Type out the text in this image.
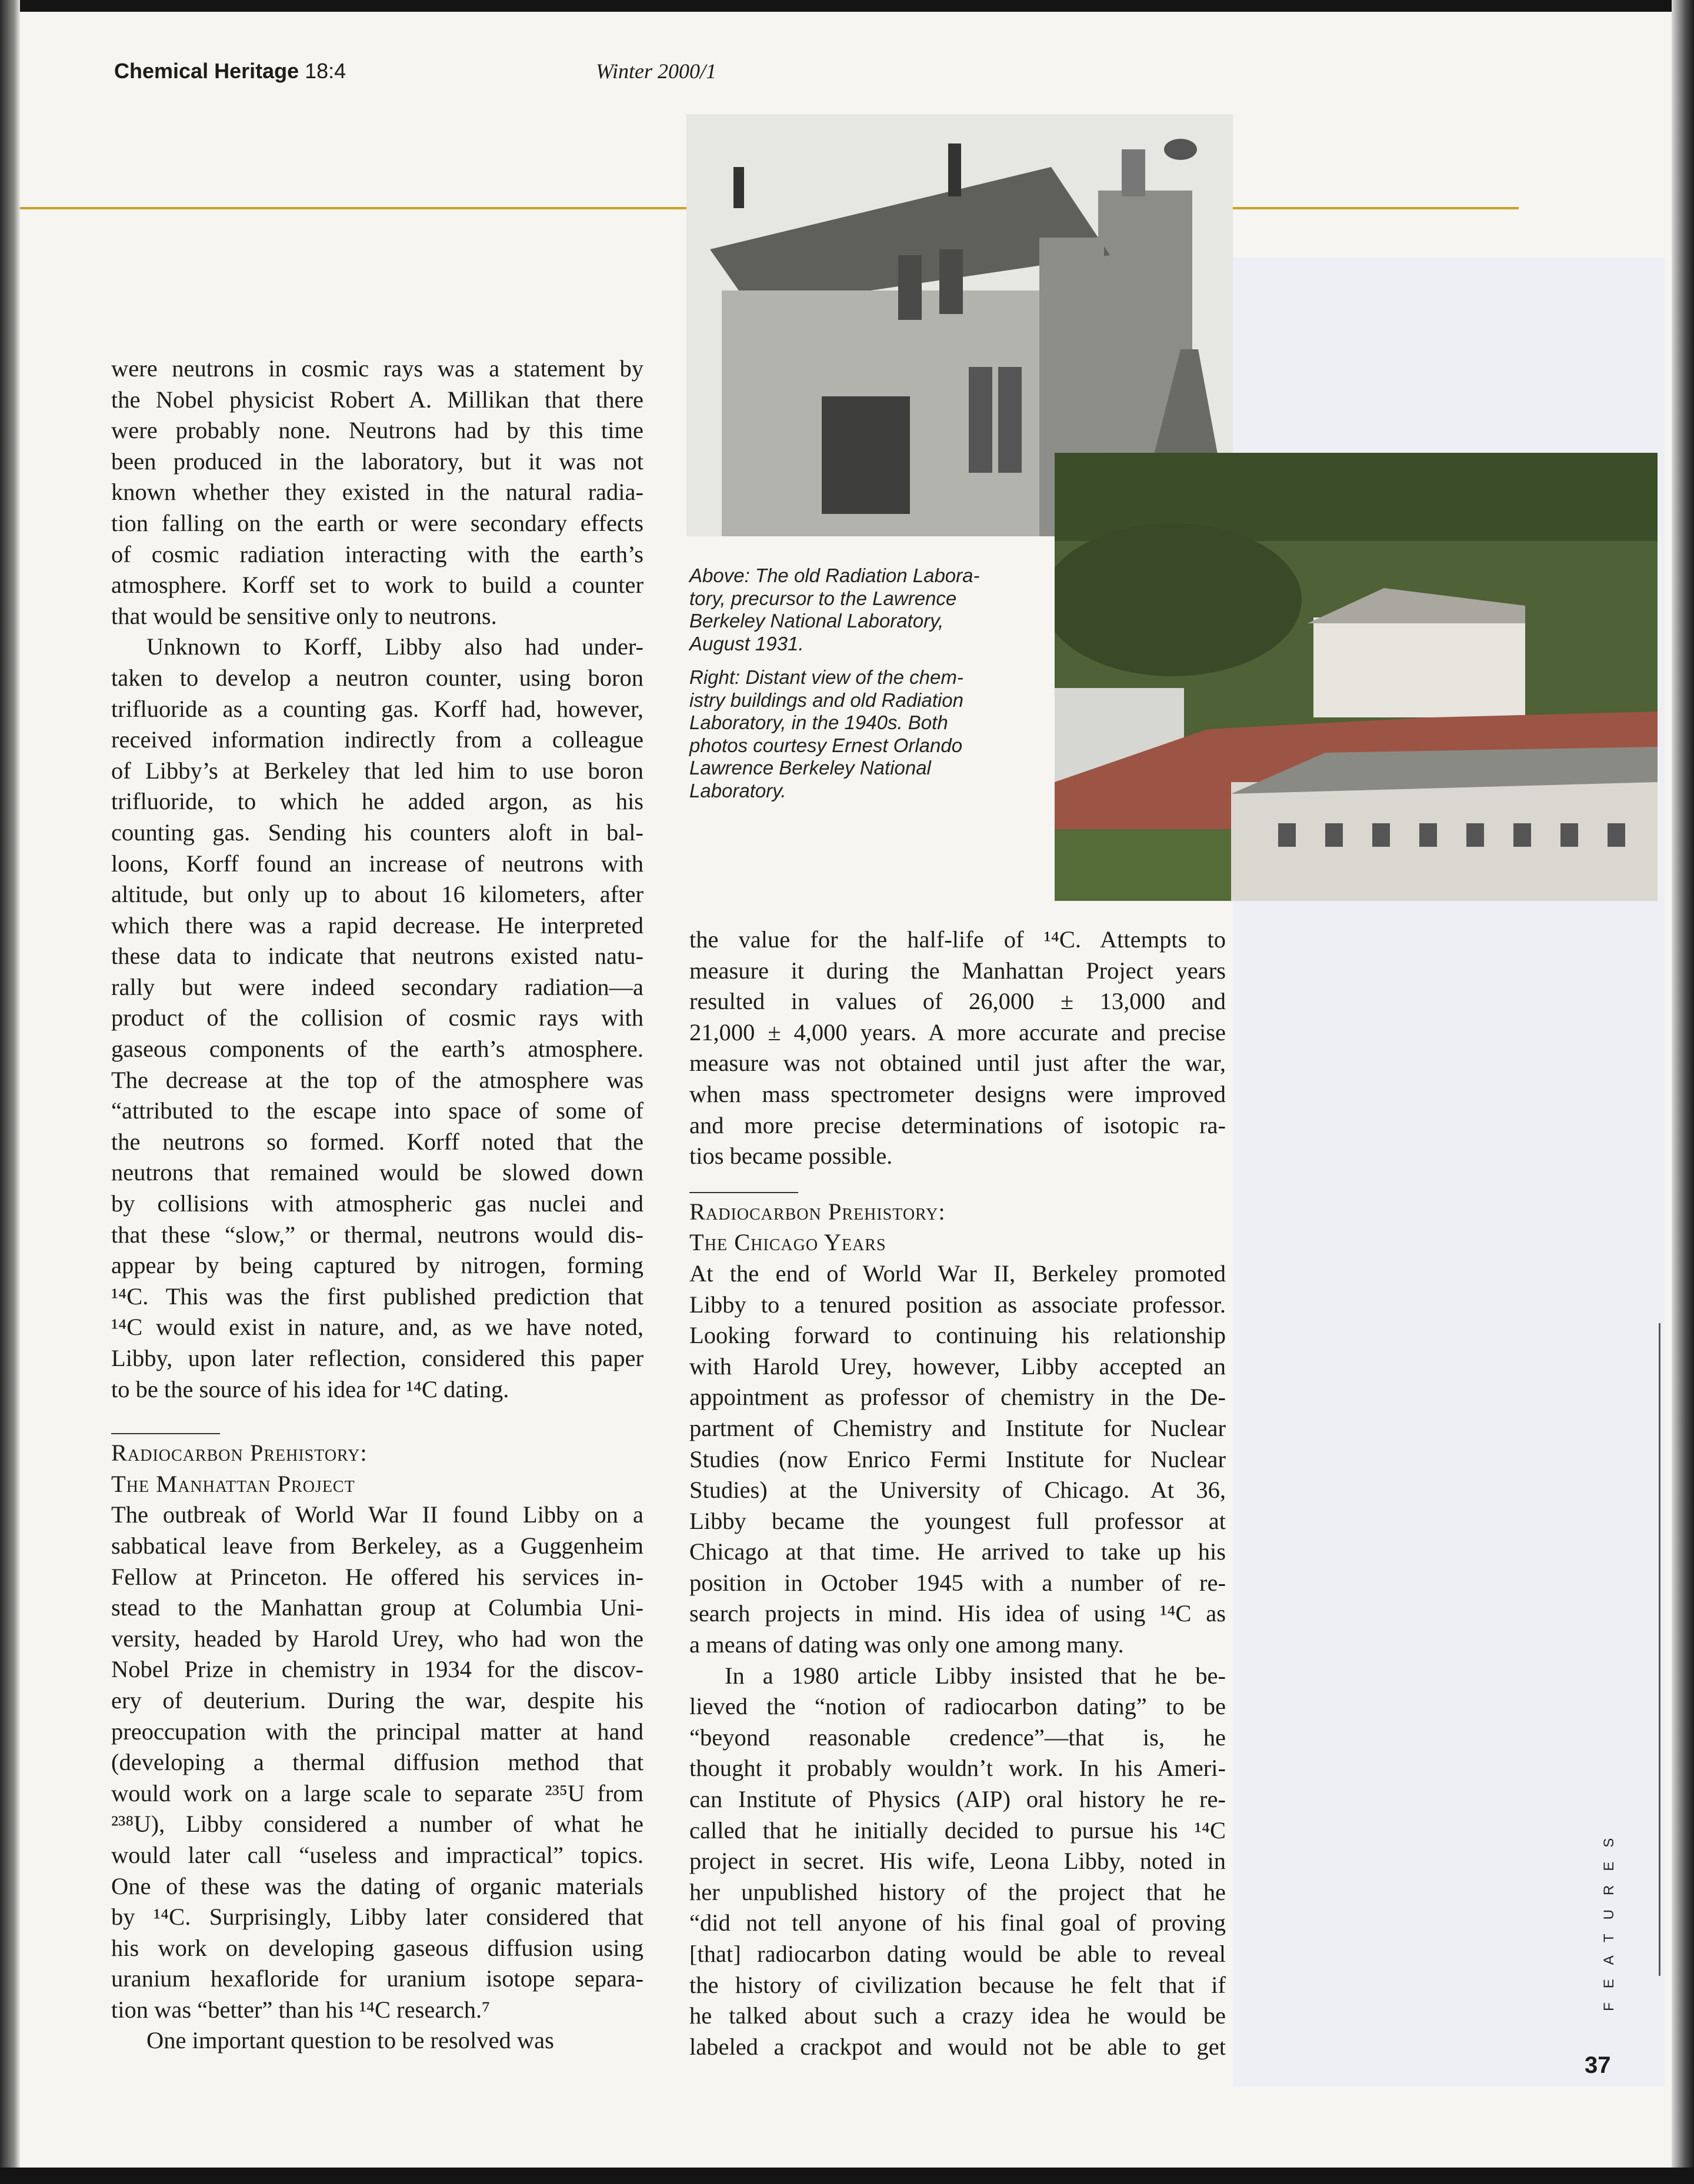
Chemical Heritage 18:4	Winter 2000/1

Above: The old Radiation Labora-
tory, precursor to the Lawrence
Berkeley National Laboratory,
August 1931.

Right: Distant view of the chem-
istry buildings and old Radiation
Laboratory, in the 1940s. Both
photos courtesy Ernest Orlando
Lawrence Berkeley National
Laboratory.

were neutrons in cosmic rays was a statement by
the Nobel physicist Robert A. Millikan that there
were probably none. Neutrons had by this time
been produced in the laboratory, but it was not
known whether they existed in the natural radia-
tion falling on the earth or were secondary effects
of cosmic radiation interacting with the earth’s
atmosphere. Korff set to work to build a counter
that would be sensitive only to neutrons.
Unknown to Korff, Libby also had under-
taken to develop a neutron counter, using boron
trifluoride as a counting gas. Korff had, however,
received information indirectly from a colleague
of Libby’s at Berkeley that led him to use boron
trifluoride, to which he added argon, as his
counting gas. Sending his counters aloft in bal-
loons, Korff found an increase of neutrons with
altitude, but only up to about 16 kilometers, after
which there was a rapid decrease. He interpreted
these data to indicate that neutrons existed natu-
rally but were indeed secondary radiation—a
product of the collision of cosmic rays with
gaseous components of the earth’s atmosphere.
The decrease at the top of the atmosphere was
“attributed to the escape into space of some of
the neutrons so formed. Korff noted that the
neutrons that remained would be slowed down
by collisions with atmospheric gas nuclei and
that these “slow,” or thermal, neutrons would dis-
appear by being captured by nitrogen, forming
¹⁴C. This was the first published prediction that
¹⁴C would exist in nature, and, as we have noted,
Libby, upon later reflection, considered this paper
to be the source of his idea for ¹⁴C dating.
Radiocarbon Prehistory:
The Manhattan Project
The outbreak of World War II found Libby on a
sabbatical leave from Berkeley, as a Guggenheim
Fellow at Princeton. He offered his services in-
stead to the Manhattan group at Columbia Uni-
versity, headed by Harold Urey, who had won the
Nobel Prize in chemistry in 1934 for the discov-
ery of deuterium. During the war, despite his
preoccupation with the principal matter at hand
(developing a thermal diffusion method that
would work on a large scale to separate ²³⁵U from
²³⁸U), Libby considered a number of what he
would later call “useless and impractical” topics.
One of these was the dating of organic materials
by ¹⁴C. Surprisingly, Libby later considered that
his work on developing gaseous diffusion using
uranium hexafloride for uranium isotope separa-
tion was “better” than his ¹⁴C research.⁷
One important question to be resolved was
the value for the half-life of ¹⁴C. Attempts to
measure it during the Manhattan Project years
resulted in values of 26,000 ± 13,000 and
21,000 ± 4,000 years. A more accurate and precise
measure was not obtained until just after the war,
when mass spectrometer designs were improved
and more precise determinations of isotopic ra-
tios became possible.
Radiocarbon Prehistory:
The Chicago Years
At the end of World War II, Berkeley promoted
Libby to a tenured position as associate professor.
Looking forward to continuing his relationship
with Harold Urey, however, Libby accepted an
appointment as professor of chemistry in the De-
partment of Chemistry and Institute for Nuclear
Studies (now Enrico Fermi Institute for Nuclear
Studies) at the University of Chicago. At 36,
Libby became the youngest full professor at
Chicago at that time. He arrived to take up his
position in October 1945 with a number of re-
search projects in mind. His idea of using ¹⁴C as
a means of dating was only one among many.
In a 1980 article Libby insisted that he be-
lieved the “notion of radiocarbon dating” to be
“beyond reasonable credence”—that is, he
thought it probably wouldn’t work. In his Ameri-
can Institute of Physics (AIP) oral history he re-
called that he initially decided to pursue his ¹⁴C
project in secret. His wife, Leona Libby, noted in
her unpublished history of the project that he
“did not tell anyone of his final goal of proving
[that] radiocarbon dating would be able to reveal
the history of civilization because he felt that if
he talked about such a crazy idea he would be
labeled a crackpot and would not be able to get
FEATURES
37
